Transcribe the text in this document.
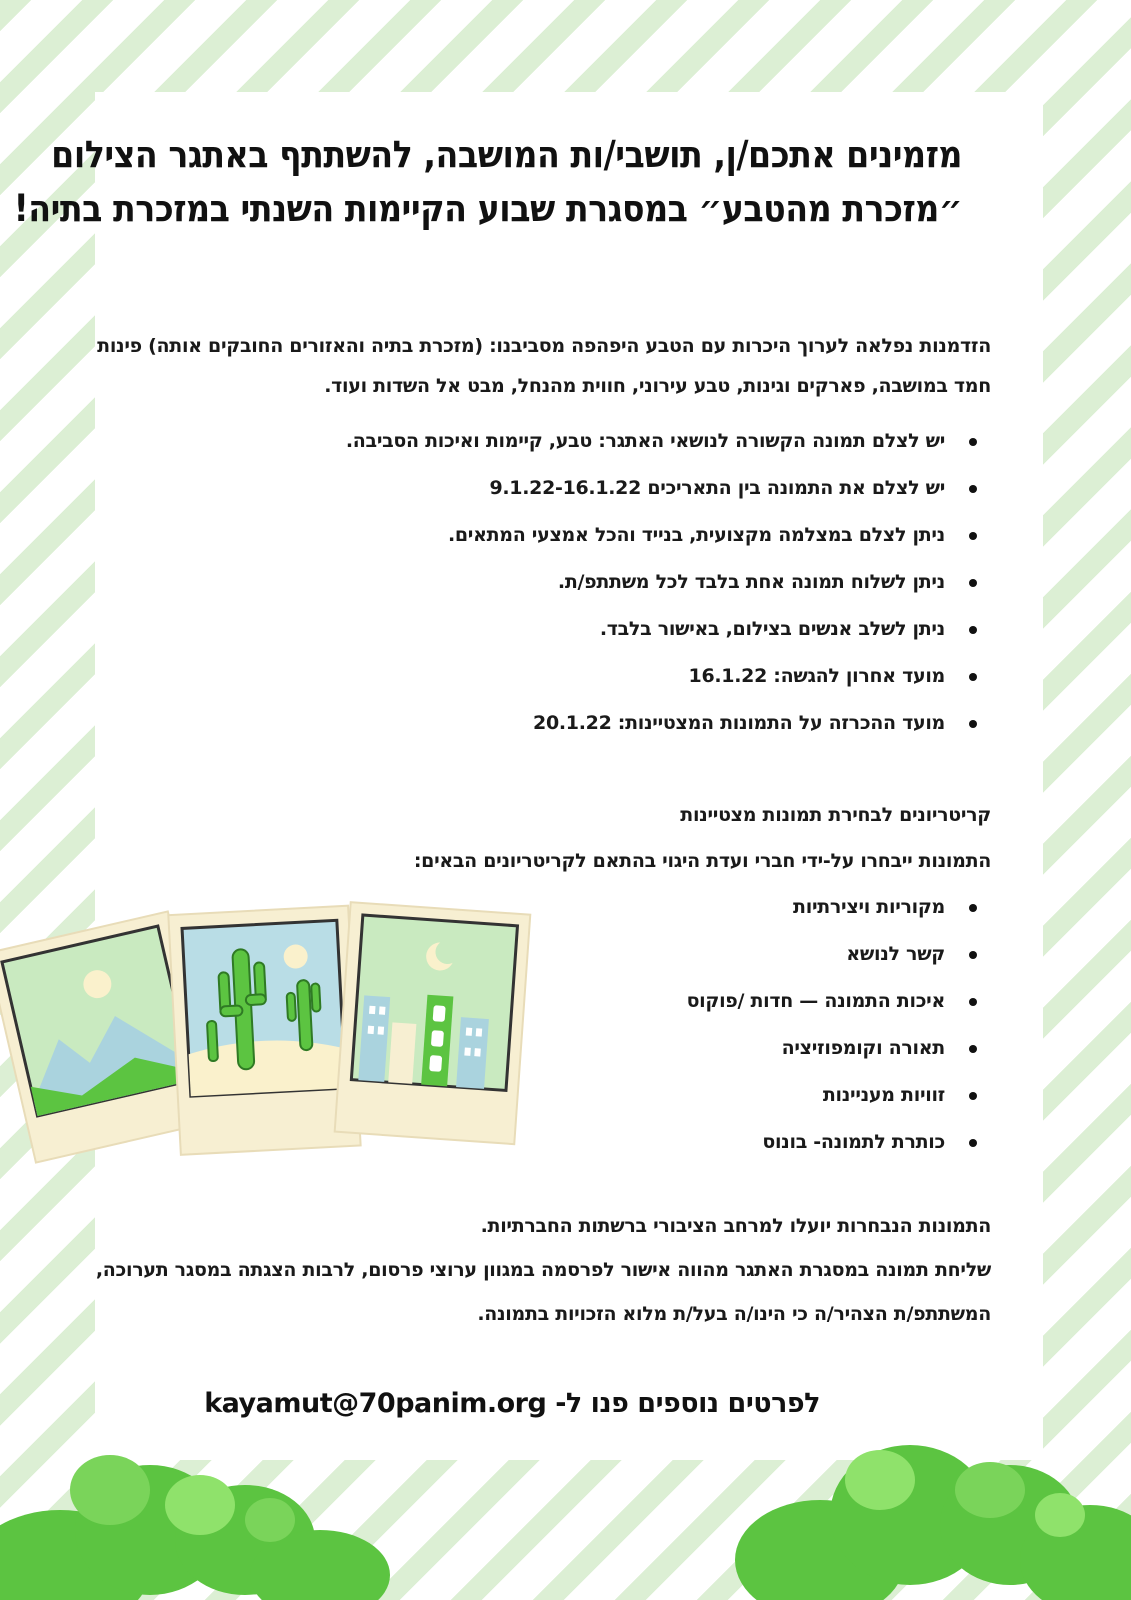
מזמינים אתכם/ן, תושבי/ות המושבה, להשתתף באתגר הצילום
״מזכרת מהטבע״ במסגרת שבוע הקיימות השנתי במזכרת בתיה!
הזדמנות נפלאה לערוך היכרות עם הטבע היפהפה מסביבנו: (מזכרת בתיה והאזורים החובקים אותה) פינות
חמד במושבה, פארקים וגינות, טבע עירוני, חווית מהנחל, מבט אל השדות ועוד.
יש לצלם תמונה הקשורה לנושאי האתגר: טבע, קיימות ואיכות הסביבה.
יש לצלם את התמונה בין התאריכים 9.1.22-16.1.22
ניתן לצלם במצלמה מקצועית, בנייד והכל אמצעי המתאים.
ניתן לשלוח תמונה אחת בלבד לכל משתתפ/ת.
ניתן לשלב אנשים בצילום, באישור בלבד.
מועד אחרון להגשה: 16.1.22
מועד ההכרזה על התמונות המצטיינות: 20.1.22
קריטריונים לבחירת תמונות מצטיינות
התמונות ייבחרו על-ידי חברי ועדת היגוי בהתאם לקריטריונים הבאים:
מקוריות ויצירתיות
קשר לנושא
איכות התמונה — חדות /פוקוס
תאורה וקומפוזיציה
זוויות מעניינות
כותרת לתמונה- בונוס
התמונות הנבחרות יועלו למרחב הציבורי ברשתות החברתיות.
שליחת תמונה במסגרת האתגר מהווה אישור לפרסמה במגוון ערוצי פרסום, לרבות הצגתה במסגר תערוכה,
המשתתפ/ת הצהיר/ה כי הינו/ה בעל/ת מלוא הזכויות בתמונה.
לפרטים נוספים פנו ל- kayamut@70panim.org
